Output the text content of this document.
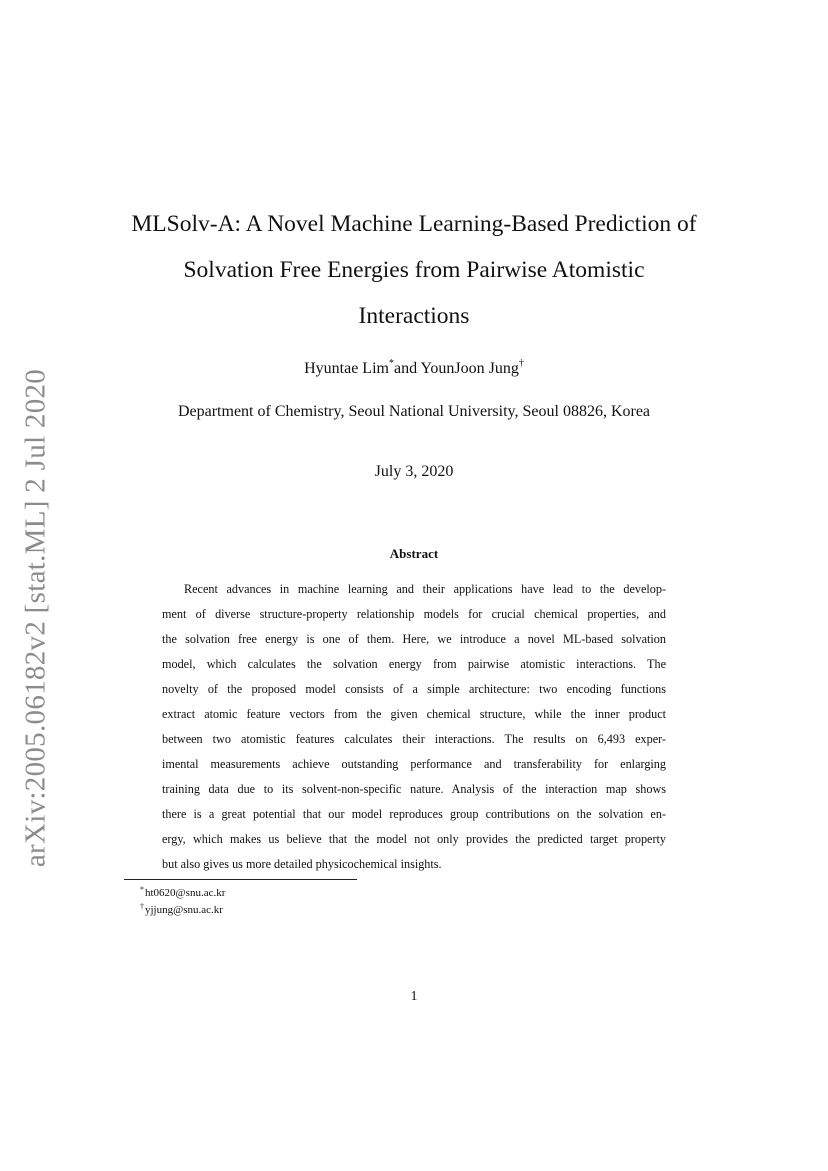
arXiv:2005.06182v2 [stat.ML] 2 Jul 2020
MLSolv-A: A Novel Machine Learning-Based Prediction of
Solvation Free Energies from Pairwise Atomistic
Interactions
Hyuntae Lim*and YounJoon Jung†
Department of Chemistry, Seoul National University, Seoul 08826, Korea
July 3, 2020
Abstract
Recent advances in machine learning and their applications have lead to the develop-
ment of diverse structure-property relationship models for crucial chemical properties, and
the solvation free energy is one of them. Here, we introduce a novel ML-based solvation
model, which calculates the solvation energy from pairwise atomistic interactions. The
novelty of the proposed model consists of a simple architecture: two encoding functions
extract atomic feature vectors from the given chemical structure, while the inner product
between two atomistic features calculates their interactions. The results on 6,493 exper-
imental measurements achieve outstanding performance and transferability for enlarging
training data due to its solvent-non-specific nature. Analysis of the interaction map shows
there is a great potential that our model reproduces group contributions on the solvation en-
ergy, which makes us believe that the model not only provides the predicted target property
but also gives us more detailed physicochemical insights.
*ht0620@snu.ac.kr
†yjjung@snu.ac.kr
1
